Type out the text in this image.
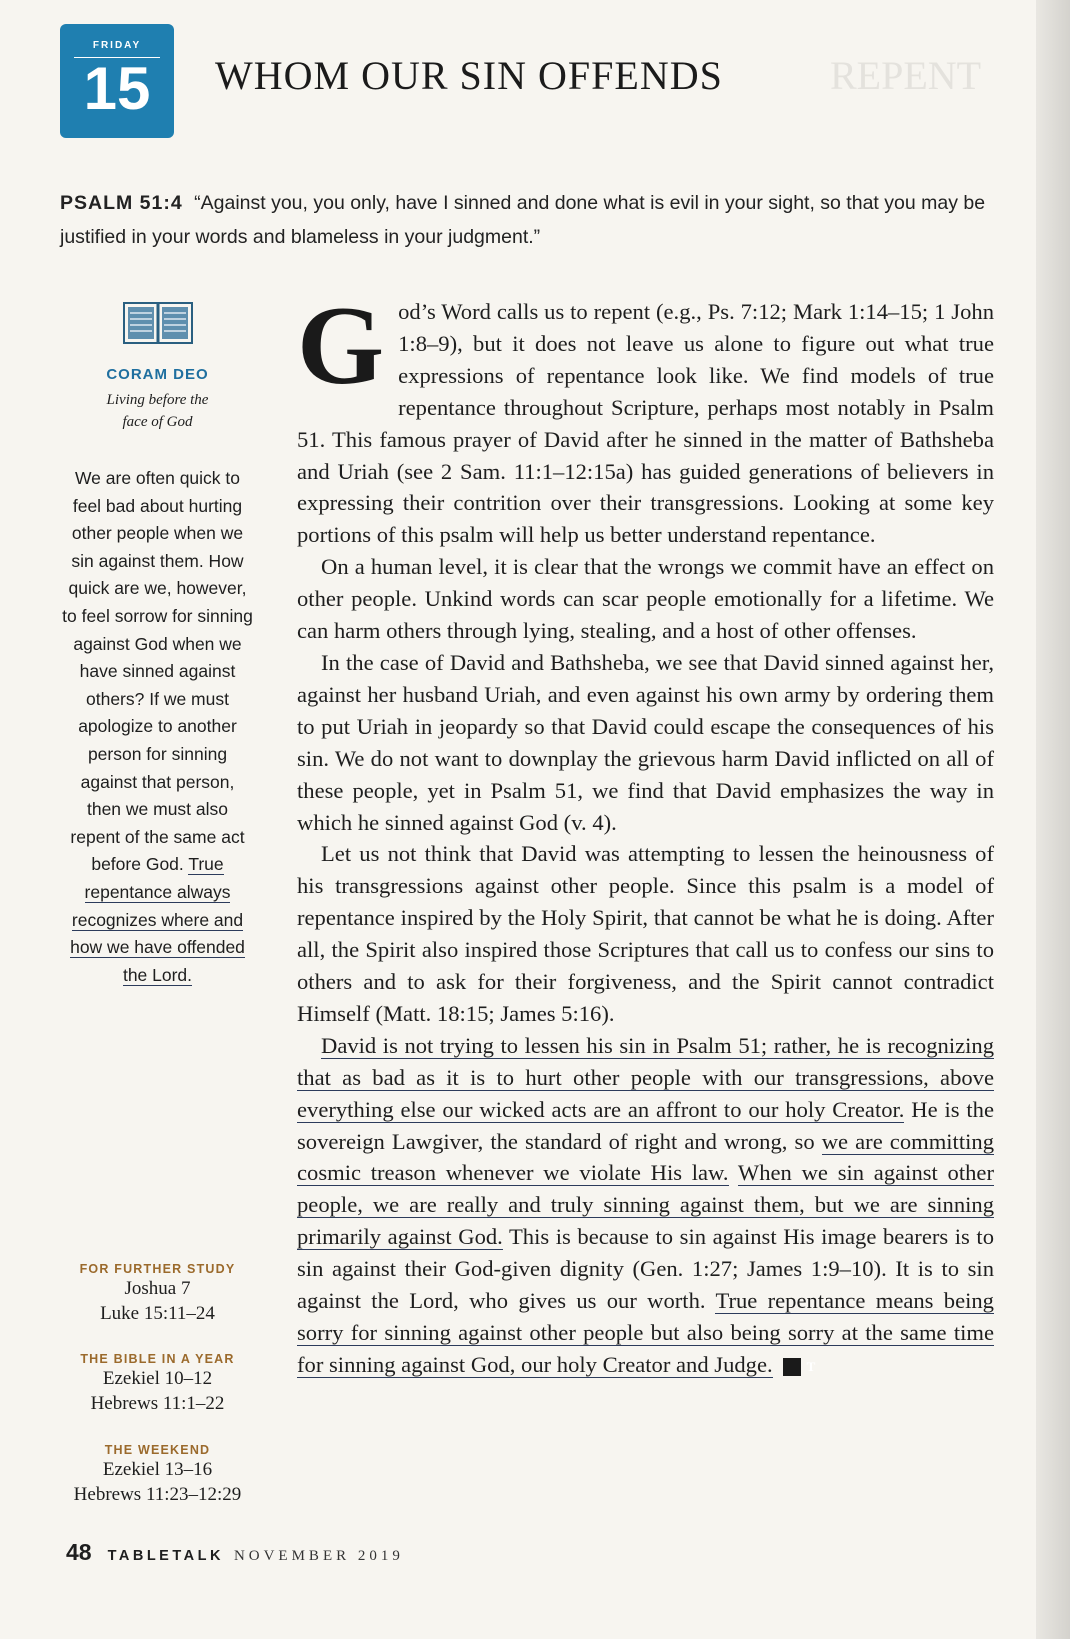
FRIDAY
15	WHOM OUR SIN OFFENDS	REPENT
PSALM 51:4 “Against you, you only, have I sinned and done what is evil in your sight, so that you may be justified in your words and blameless in your judgment.”
CORAM DEO
Living before the
face of God
We are often quick to feel bad about hurting other people when we sin against them. How quick are we, however, to feel sorrow for sinning against God when we have sinned against others? If we must apologize to another person for sinning against that person, then we must also repent of the same act before God. True repentance always recognizes where and how we have offended the Lord.
FOR FURTHER STUDY
Joshua 7
Luke 15:11–24
THE BIBLE IN A YEAR
Ezekiel 10–12
Hebrews 11:1–22
THE WEEKEND
Ezekiel 13–16
Hebrews 11:23–12:29

God’s Word calls us to repent (e.g., Ps. 7:12; Mark 1:14–15; 1 John 1:8–9), but it does not leave us alone to figure out what true expressions of repentance look like. We find models of true repentance throughout Scripture, perhaps most notably in Psalm 51. This famous prayer of David after he sinned in the matter of Bathsheba and Uriah (see 2 Sam. 11:1–12:15a) has guided generations of believers in expressing their contrition over their transgressions. Looking at some key portions of this psalm will help us better understand repentance.

On a human level, it is clear that the wrongs we commit have an effect on other people. Unkind words can scar people emotionally for a lifetime. We can harm others through lying, stealing, and a host of other offenses.

In the case of David and Bathsheba, we see that David sinned against her, against her husband Uriah, and even against his own army by ordering them to put Uriah in jeopardy so that David could escape the consequences of his sin. We do not want to downplay the grievous harm David inflicted on all of these people, yet in Psalm 51, we find that David emphasizes the way in which he sinned against God (v. 4).

Let us not think that David was attempting to lessen the heinousness of his transgressions against other people. Since this psalm is a model of repentance inspired by the Holy Spirit, that cannot be what he is doing. After all, the Spirit also inspired those Scriptures that call us to confess our sins to others and to ask for their forgiveness, and the Spirit cannot contradict Himself (Matt. 18:15; James 5:16).

David is not trying to lessen his sin in Psalm 51; rather, he is recognizing that as bad as it is to hurt other people with our transgressions, above everything else our wicked acts are an affront to our holy Creator. He is the sovereign Lawgiver, the standard of right and wrong, so we are committing cosmic treason whenever we violate His law. When we sin against other people, we are really and truly sinning against them, but we are sinning primarily against God. This is because to sin against His image bearers is to sin against their God-given dignity (Gen. 1:27; James 1:9–10). It is to sin against the Lord, who gives us our worth. True repentance means being sorry for sinning against other people but also being sorry at the same time for sinning against God, our holy Creator and Judge.	T

48 TABLETALK NOVEMBER 2019
